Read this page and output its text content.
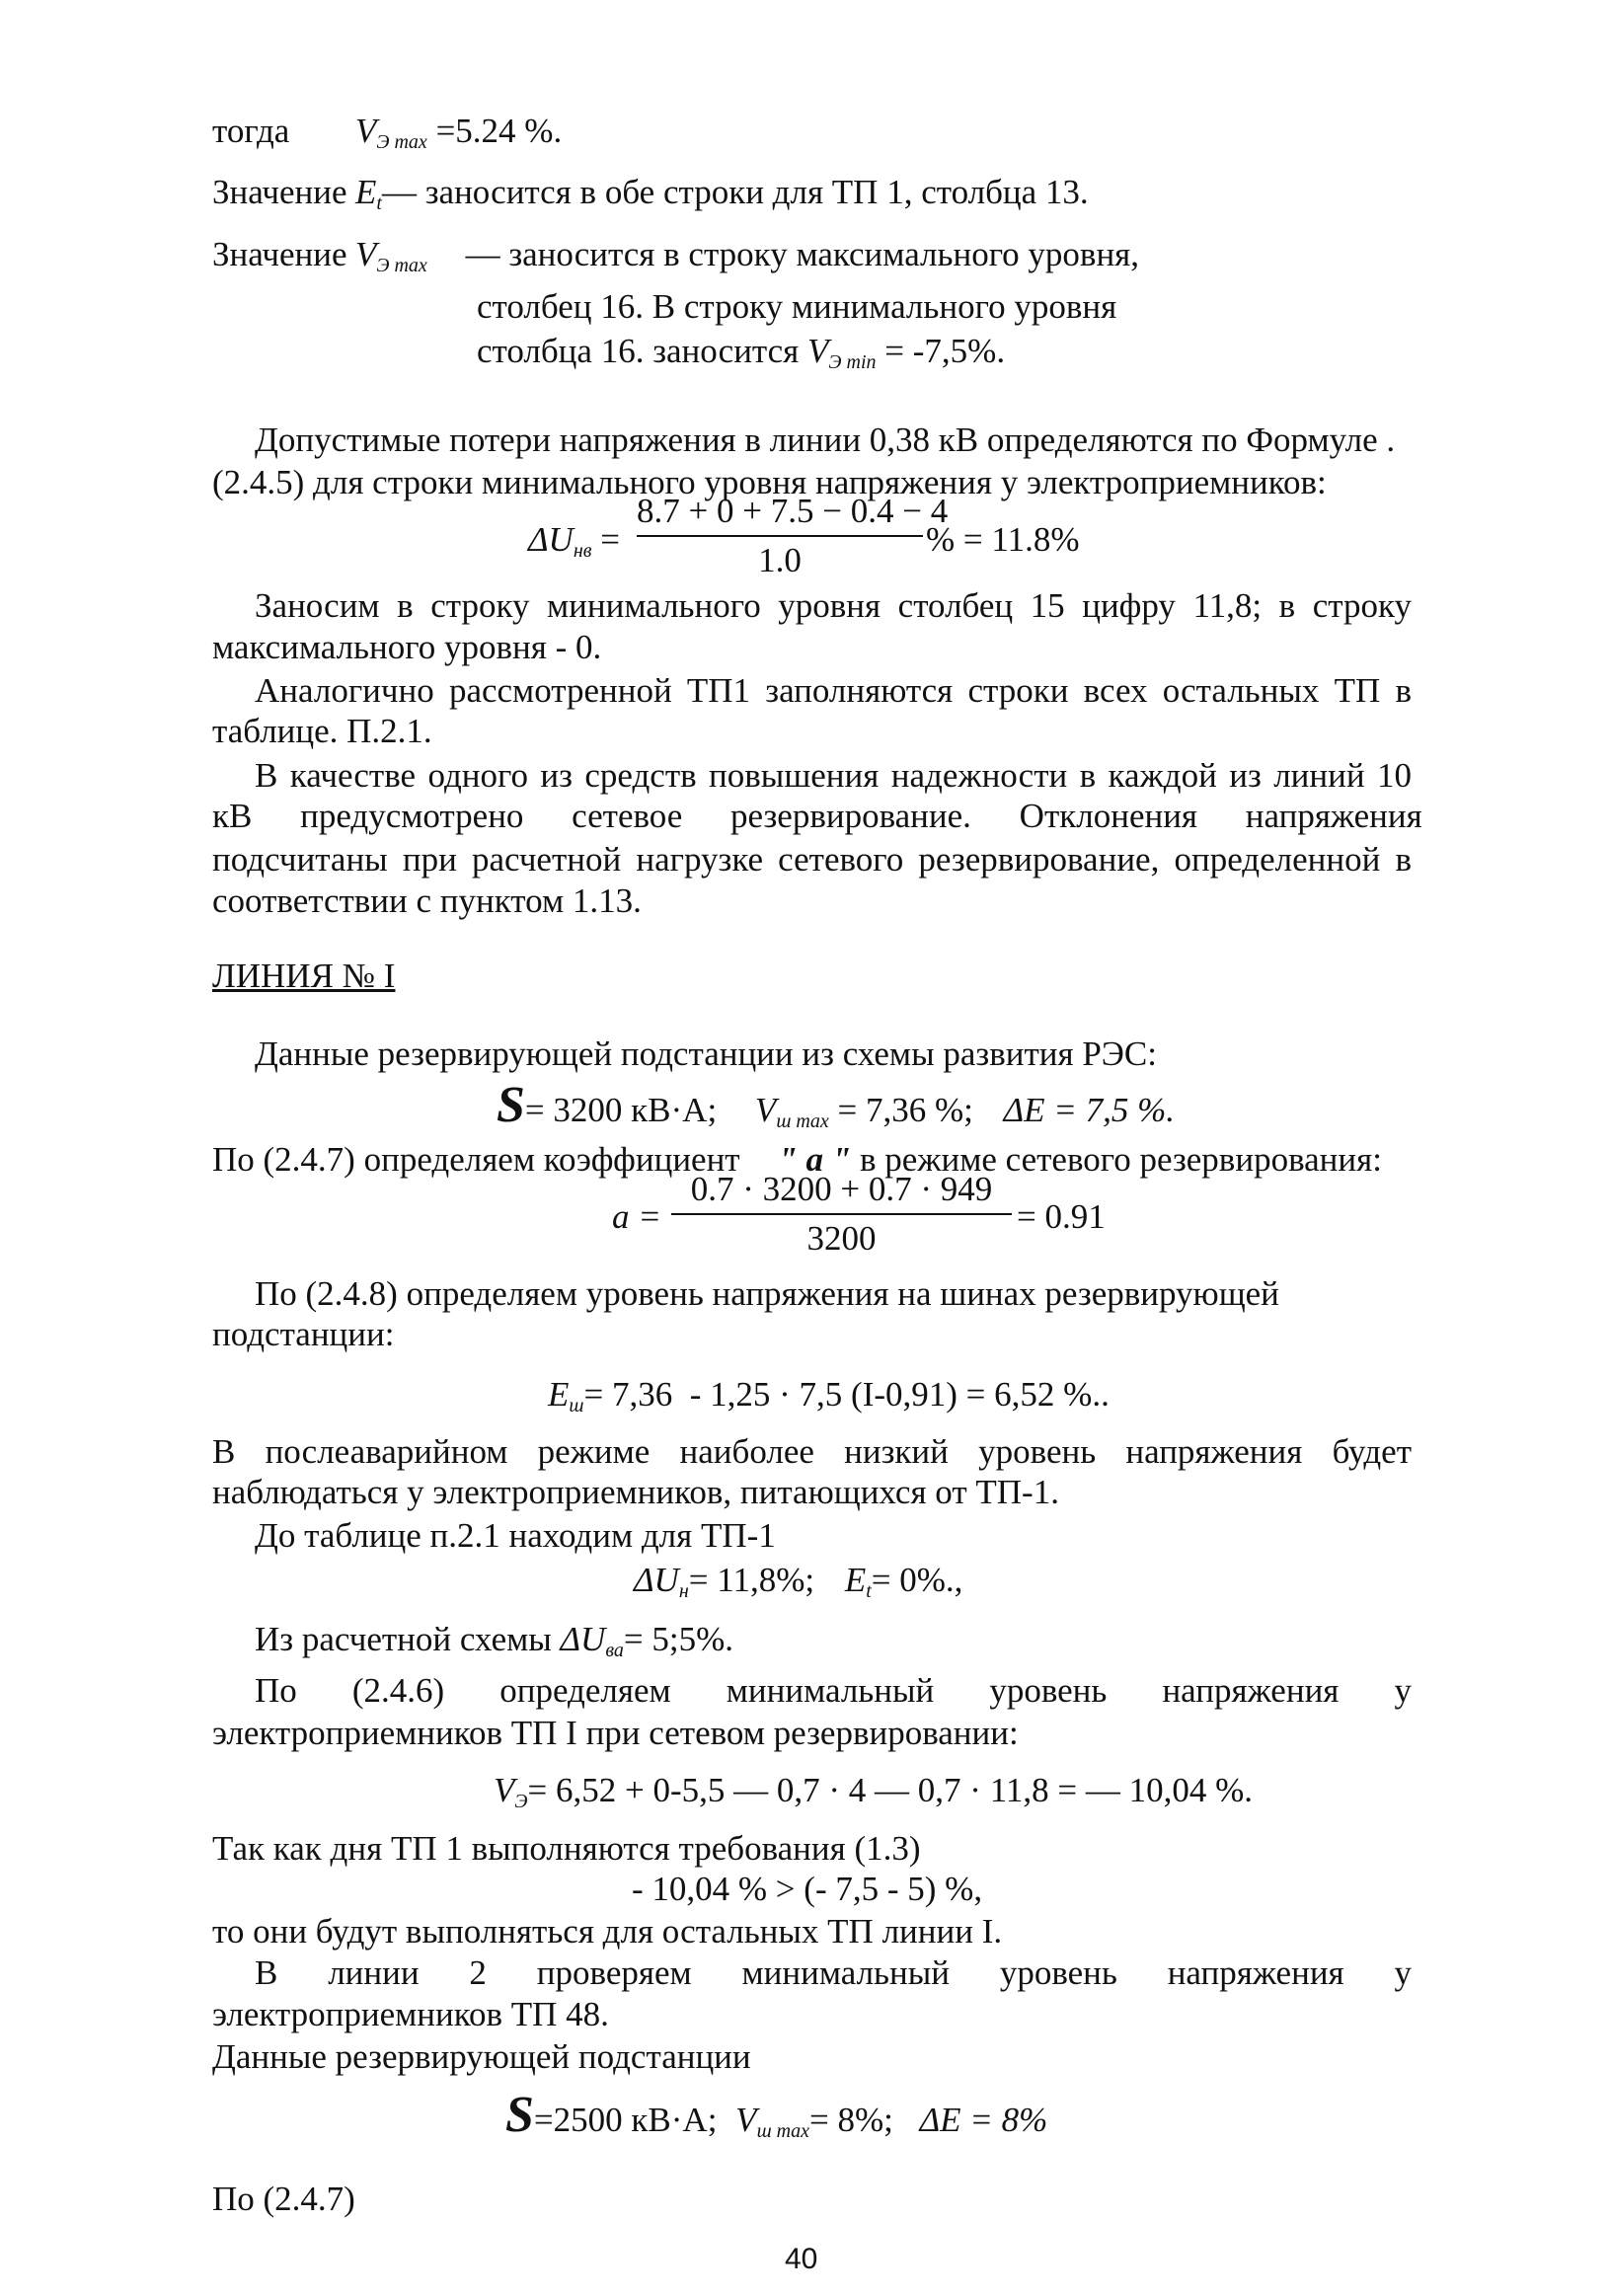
тогда $V_{Э max} =5.24$ %.
Значение $E_t—$ заносится в обе строки для ТП 1, столбца 13.
Значение $V_{Э max}$ — заносится в строку максимального уровня,
столбец 16. В строку минимального уровня
столбца 16. заносится $V_{Э min} = -7,5\%$.
Допустимые потери напряжения в линии 0,38 кВ определяются по Формуле .
(2.4.5) для строки минимального уровня напряжения у электроприемников:
$\Delta U_{нв}$ =
8.7 + 0 + 7.5 − 0.4 − 4
1.0
% = 11.8%
Заносим в строку минимального уровня столбец 15 цифру 11,8; в строку
максимального уровня - 0.
Аналогично рассмотренной ТП1 заполняются строки всех остальных ТП в
таблице. П.2.1.
В качестве одного из средств повышения надежности в каждой из линий 10
кВ предусмотрено сетевое резервирование. Отклонения напряжения
подсчитаны при расчетной нагрузке сетевого резервирование, определенной в
соответствии с пунктом 1.13.
ЛИНИЯ № I
Данные резервирующей подстанции из схемы развития РЭС:
S= 3200 кВ·А; $V_{ш max} = 7,36$ %; ΔE = 7,5 %.
По (2.4.7) определяем коэффициент " a " в режиме сетевого резервирования:
a =
0.7 · 3200 + 0.7 · 949
3200
= 0.91
По (2.4.8) определяем уровень напряжения на шинах резервирующей
подстанции:
$E_ш= 7,36 - 1,25 \cdot 7,5$ (I-0,91) = 6,52 %..
В послеаварийном режиме наиболее низкий уровень напряжения будет
наблюдаться у электроприемников, питающихся от ТП-1.
До таблице п.2.1 находим для ТП-1
$\Delta U_н= 11,8\%$; $E_t= 0\%$.,
Из расчетной схемы $\Delta U_{ва}=$ 5;5%.
По (2.4.6) определяем минимальный уровень напряжения у
электроприемников ТП I при сетевом резервировании:
$V_Э= 6,52 + 0-5,5$ — 0,7 · 4 — 0,7 · 11,8 = — 10,04 %.
Так как дня ТП 1 выполняются требования (1.3)
- 10,04 % > (- 7,5 - 5) %,
то они будут выполняться для остальных ТП линии I.
В линии 2 проверяем минимальный уровень напряжения у
электроприемников ТП 48.
Данные резервирующей подстанции
S=2500 кВ·А; $V_{ш max}= 8\%$; ΔE = 8%
По (2.4.7)
40
